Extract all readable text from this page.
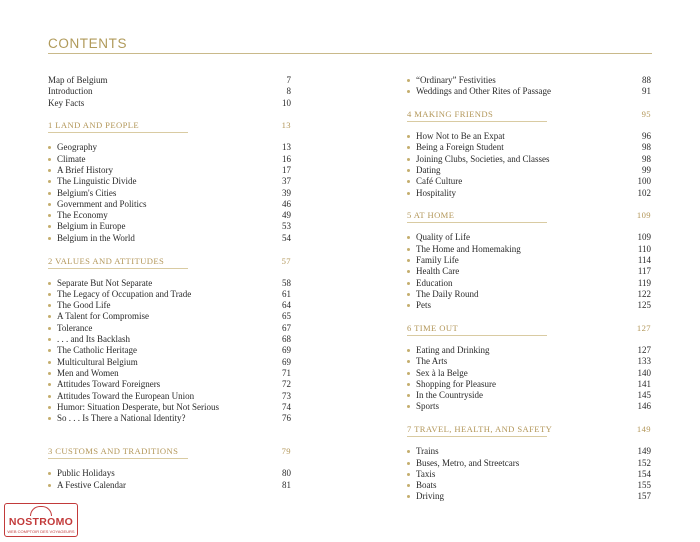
CONTENTS
Map of Belgium	7
Introduction	8
Key Facts	10
1 LAND AND PEOPLE	13
Geography	13
Climate	16
A Brief History	17
The Linguistic Divide	37
Belgium's Cities	39
Government and Politics	46
The Economy	49
Belgium in Europe	53
Belgium in the World	54
2 VALUES AND ATTITUDES	57
Separate But Not Separate	58
The Legacy of Occupation and Trade	61
The Good Life	64
A Talent for Compromise	65
Tolerance	67
. . . and Its Backlash	68
The Catholic Heritage	69
Multicultural Belgium	69
Men and Women	71
Attitudes Toward Foreigners	72
Attitudes Toward the European Union	73
Humor: Situation Desperate, but Not Serious	74
So . . . Is There a National Identity?	76
3 CUSTOMS AND TRADITIONS	79
Public Holidays	80
A Festive Calendar	81
“Ordinary” Festivities	88
Weddings and Other Rites of Passage	91
4 MAKING FRIENDS	95
How Not to Be an Expat	96
Being a Foreign Student	98
Joining Clubs, Societies, and Classes	98
Dating	99
Café Culture	100
Hospitality	102
5 AT HOME	109
Quality of Life	109
The Home and Homemaking	110
Family Life	114
Health Care	117
Education	119
The Daily Round	122
Pets	125
6 TIME OUT	127
Eating and Drinking	127
The Arts	133
Sex à la Belge	140
Shopping for Pleasure	141
In the Countryside	145
Sports	146
7 TRAVEL, HEALTH, AND SAFETY	149
Trains	149
Buses, Metro, and Streetcars	152
Taxis	154
Boats	155
Driving	157
NOSTROMO
WEB COMPTOIR DES VOYAGEURS
